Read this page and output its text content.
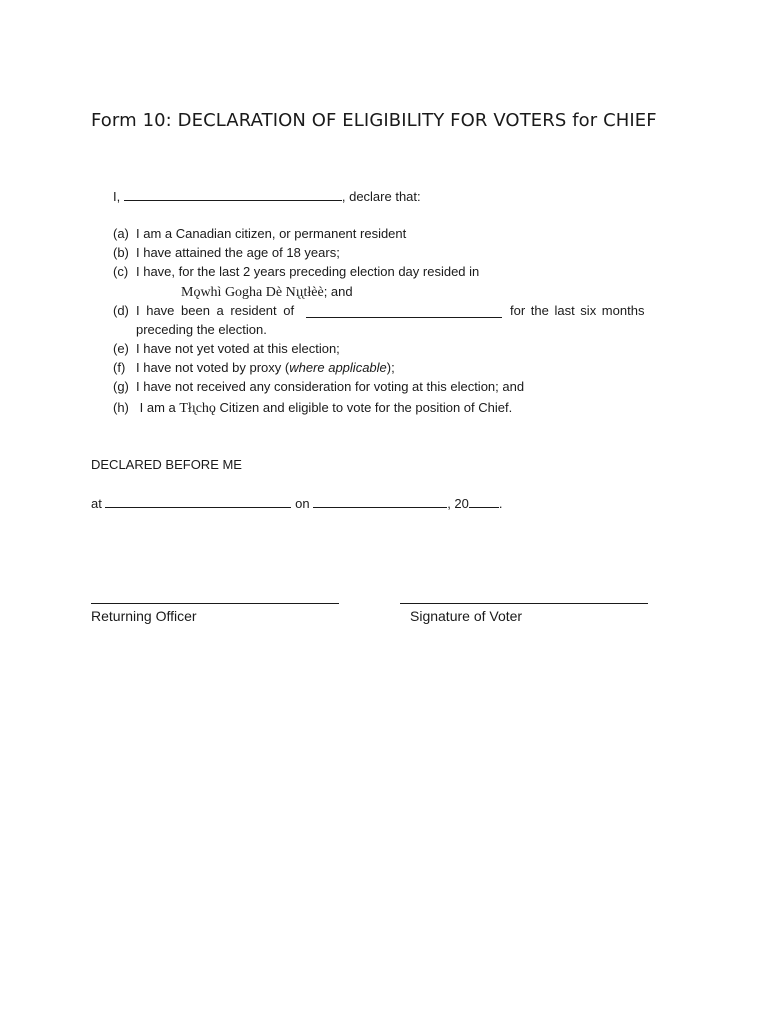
Form 10: DECLARATION OF ELIGIBILITY FOR VOTERS for CHIEF
I,	, declare that:
(a) I am a Canadian citizen, or permanent resident
(b) I have attained the age of 18 years;
(c) I have, for the last 2 years preceding election day resided in
Mǫwhì Gogha Dè Nı̨ı̨tłèè; and
(d) I have been a resident of	for the last six months
preceding the election.
(e) I have not yet voted at this election;
(f) I have not voted by proxy (where applicable);
(g) I have not received any consideration for voting at this election; and
(h) I am a Tłı̨chǫ Citizen and eligible to vote for the position of Chief.
DECLARED BEFORE ME
at	on	, 20 .
Returning Officer	Signature of Voter
